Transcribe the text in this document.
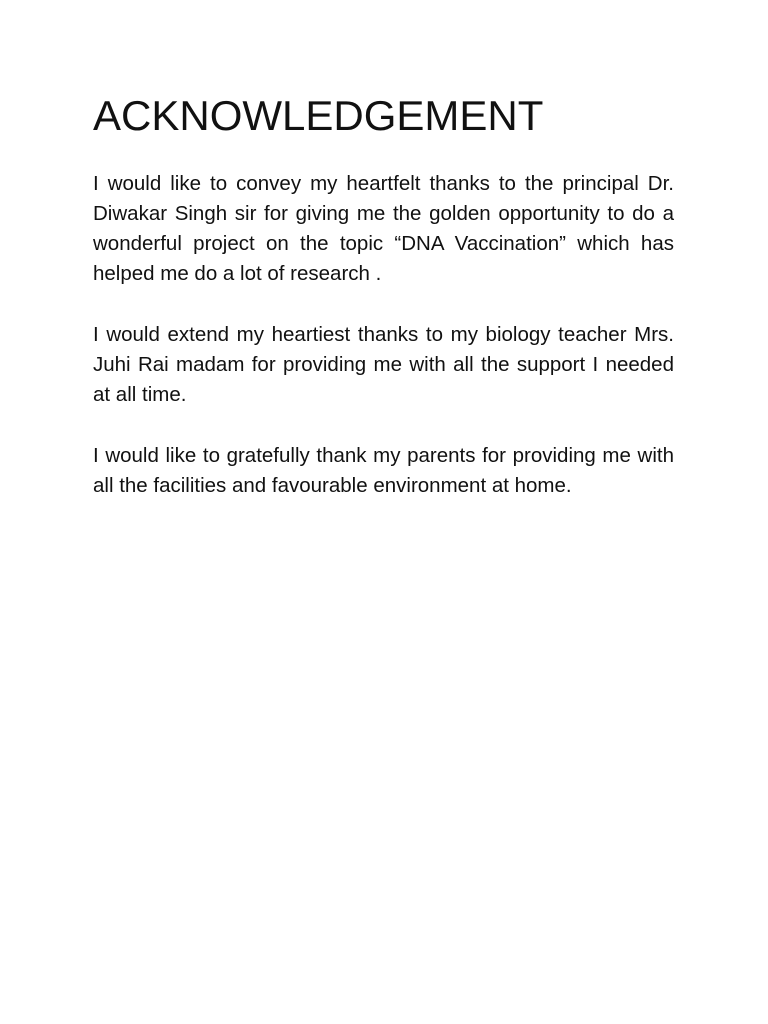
ACKNOWLEDGEMENT

I would like to convey my heartfelt thanks to the principal Dr. Diwakar Singh sir for giving me the golden opportunity to do a wonderful project on the topic “DNA Vaccination” which has helped me do a lot of research .

I would extend my heartiest thanks to my biology teacher Mrs. Juhi Rai madam for providing me with all the support I needed at all time.

I would like to gratefully thank my parents for providing me with all the facilities and favourable environment at home.
